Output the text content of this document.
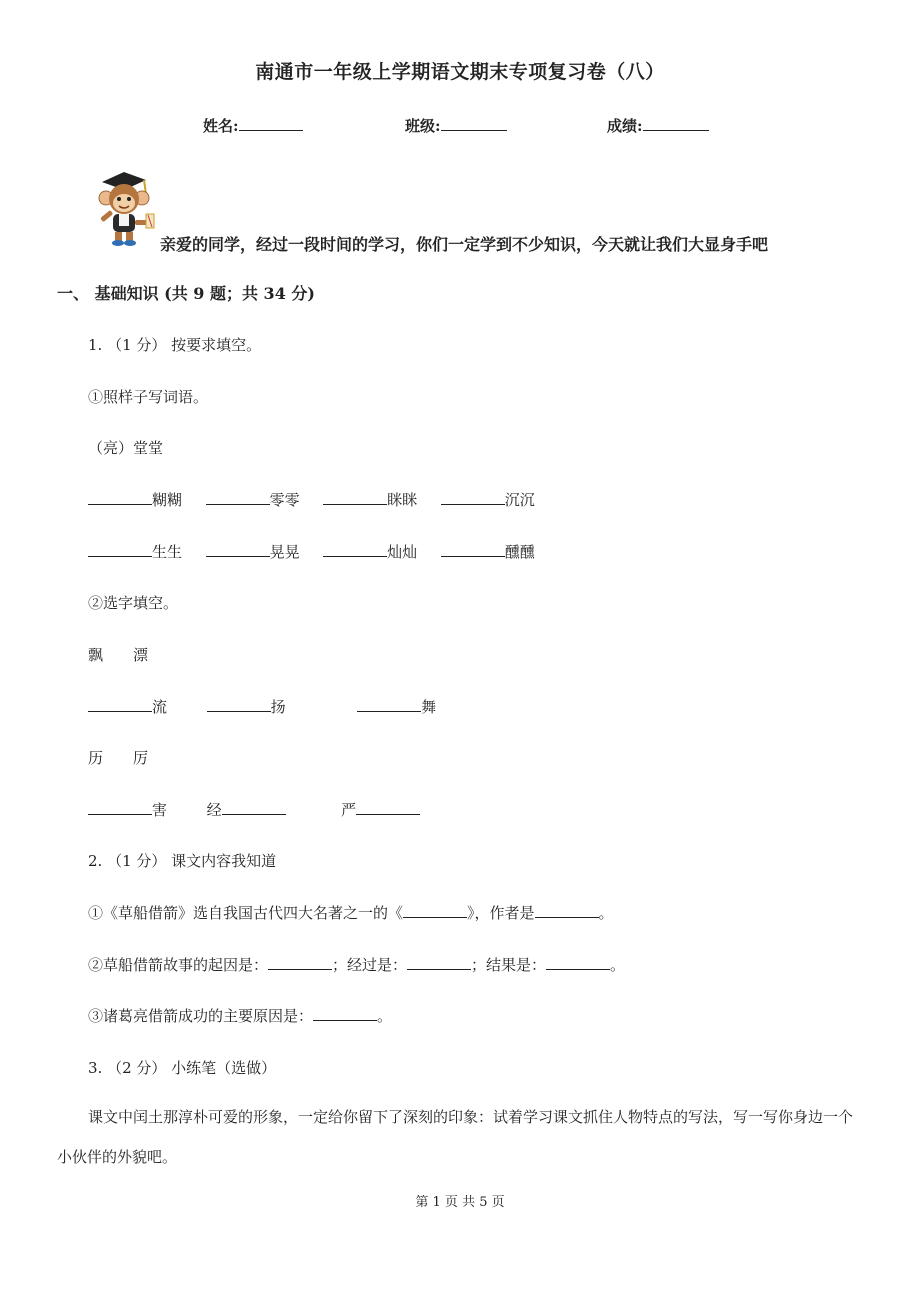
南通市一年级上学期语文期末专项复习卷（八）
姓名:	班级:	成绩:
亲爱的同学，经过一段时间的学习，你们一定学到不少知识，今天就让我们大显身手吧
一、 基础知识 (共 9 题；共 34 分)
1. （1 分） 按要求填空。
①照样子写词语。
（亮）堂堂
糊糊	零零	眯眯	沉沉
生生	晃晃	灿灿	醺醺
②选字填空。
飘 漂
流	扬	舞
历 厉
害	经	严
2. （1 分） 课文内容我知道
①《草船借箭》选自我国古代四大名著之一的《	》，作者是	。
②草船借箭故事的起因是：	；经过是：	；结果是：	。
③诸葛亮借箭成功的主要原因是：	。
3. （2 分） 小练笔（选做）
课文中闰土那淳朴可爱的形象，一定给你留下了深刻的印象：试着学习课文抓住人物特点的写法，写一写你身边一个小伙伴的外貌吧。
第 1 页 共 5 页
